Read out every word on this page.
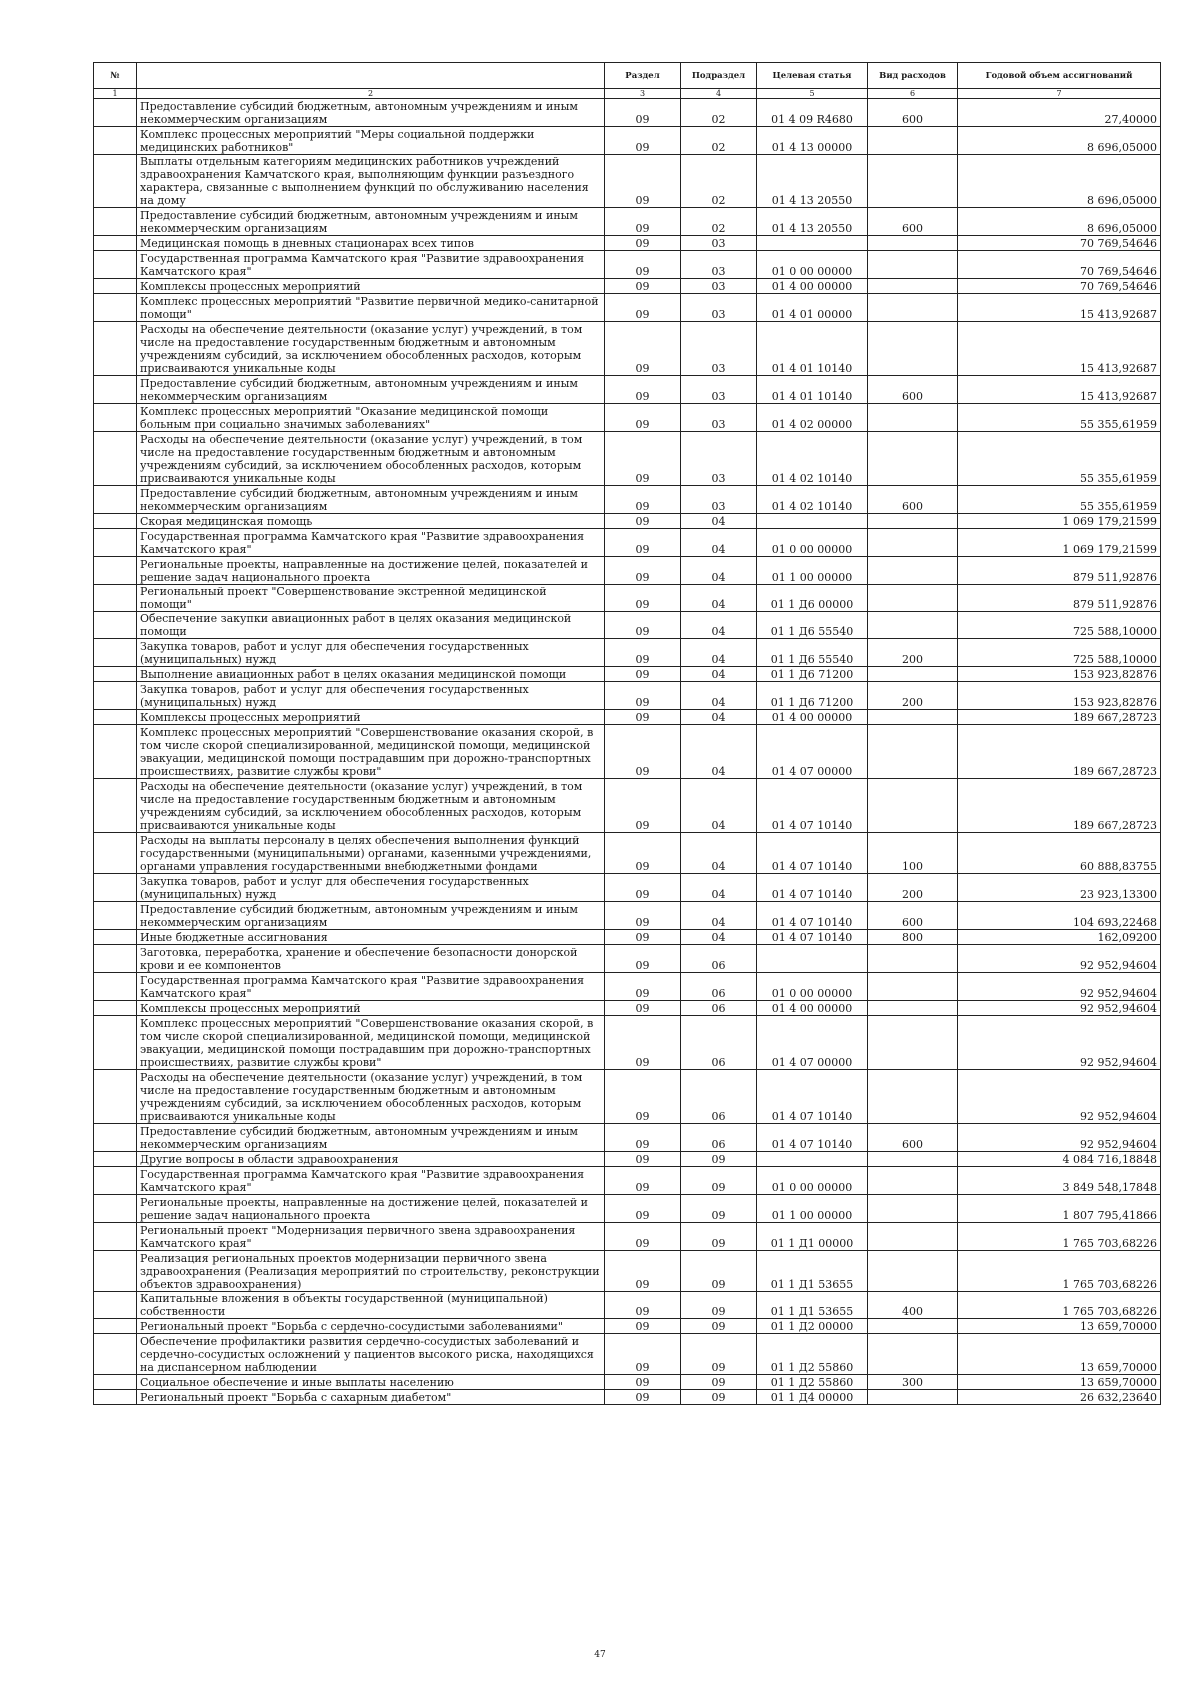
№		Раздел	Подраздел	Целевая статья	Вид расходов	Годовой объем ассигнований
1	2	3	4	5	6	7
	Предоставление субсидий бюджетным, автономным учреждениям и иным некоммерческим организациям	09	02	01 4 09 R4680	600	27,40000
	Комплекс процессных мероприятий "Меры социальной поддержки медицинских работников"	09	02	01 4 13 00000		8 696,05000
	Выплаты отдельным категориям медицинских работников учреждений здравоохранения Камчатского края, выполняющим функции разъездного характера, связанные с выполнением функций по обслуживанию населения на дому	09	02	01 4 13 20550		8 696,05000
	Предоставление субсидий бюджетным, автономным учреждениям и иным некоммерческим организациям	09	02	01 4 13 20550	600	8 696,05000
	Медицинская помощь в дневных стационарах всех типов	09	03			70 769,54646
	Государственная программа Камчатского края "Развитие здравоохранения Камчатского края"	09	03	01 0 00 00000		70 769,54646
	Комплексы процессных мероприятий	09	03	01 4 00 00000		70 769,54646
	Комплекс процессных мероприятий "Развитие первичной медико-санитарной помощи"	09	03	01 4 01 00000		15 413,92687
	Расходы на обеспечение деятельности (оказание услуг) учреждений, в том числе на предоставление государственным бюджетным и автономным учреждениям субсидий, за исключением обособленных расходов, которым присваиваются уникальные коды	09	03	01 4 01 10140		15 413,92687
	Предоставление субсидий бюджетным, автономным учреждениям и иным некоммерческим организациям	09	03	01 4 01 10140	600	15 413,92687
	Комплекс процессных мероприятий "Оказание медицинской помощи больным при социально значимых заболеваниях"	09	03	01 4 02 00000		55 355,61959
	Расходы на обеспечение деятельности (оказание услуг) учреждений, в том числе на предоставление государственным бюджетным и автономным учреждениям субсидий, за исключением обособленных расходов, которым присваиваются уникальные коды	09	03	01 4 02 10140		55 355,61959
	Предоставление субсидий бюджетным, автономным учреждениям и иным некоммерческим организациям	09	03	01 4 02 10140	600	55 355,61959
	Скорая медицинская помощь	09	04			1 069 179,21599
	Государственная программа Камчатского края "Развитие здравоохранения Камчатского края"	09	04	01 0 00 00000		1 069 179,21599
	Региональные проекты, направленные на достижение целей, показателей и решение задач национального проекта	09	04	01 1 00 00000		879 511,92876
	Региональный проект "Совершенствование экстренной медицинской помощи"	09	04	01 1 Д6 00000		879 511,92876
	Обеспечение закупки авиационных работ в целях оказания медицинской помощи	09	04	01 1 Д6 55540		725 588,10000
	Закупка товаров, работ и услуг для обеспечения государственных (муниципальных) нужд	09	04	01 1 Д6 55540	200	725 588,10000
	Выполнение авиационных работ в целях оказания медицинской помощи	09	04	01 1 Д6 71200		153 923,82876
	Закупка товаров, работ и услуг для обеспечения государственных (муниципальных) нужд	09	04	01 1 Д6 71200	200	153 923,82876
	Комплексы процессных мероприятий	09	04	01 4 00 00000		189 667,28723
	Комплекс процессных мероприятий "Совершенствование оказания скорой, в том числе скорой специализированной, медицинской помощи, медицинской эвакуации, медицинской помощи пострадавшим при дорожно-транспортных происшествиях, развитие службы крови"	09	04	01 4 07 00000		189 667,28723
	Расходы на обеспечение деятельности (оказание услуг) учреждений, в том числе на предоставление государственным бюджетным и автономным учреждениям субсидий, за исключением обособленных расходов, которым присваиваются уникальные коды	09	04	01 4 07 10140		189 667,28723
	Расходы на выплаты персоналу в целях обеспечения выполнения функций государственными (муниципальными) органами, казенными учреждениями, органами управления государственными внебюджетными фондами	09	04	01 4 07 10140	100	60 888,83755
	Закупка товаров, работ и услуг для обеспечения государственных (муниципальных) нужд	09	04	01 4 07 10140	200	23 923,13300
	Предоставление субсидий бюджетным, автономным учреждениям и иным некоммерческим организациям	09	04	01 4 07 10140	600	104 693,22468
	Иные бюджетные ассигнования	09	04	01 4 07 10140	800	162,09200
	Заготовка, переработка, хранение и обеспечение безопасности донорской крови и ее компонентов	09	06			92 952,94604
	Государственная программа Камчатского края "Развитие здравоохранения Камчатского края"	09	06	01 0 00 00000		92 952,94604
	Комплексы процессных мероприятий	09	06	01 4 00 00000		92 952,94604
	Комплекс процессных мероприятий "Совершенствование оказания скорой, в том числе скорой специализированной, медицинской помощи, медицинской эвакуации, медицинской помощи пострадавшим при дорожно-транспортных происшествиях, развитие службы крови"	09	06	01 4 07 00000		92 952,94604
	Расходы на обеспечение деятельности (оказание услуг) учреждений, в том числе на предоставление государственным бюджетным и автономным учреждениям субсидий, за исключением обособленных расходов, которым присваиваются уникальные коды	09	06	01 4 07 10140		92 952,94604
	Предоставление субсидий бюджетным, автономным учреждениям и иным некоммерческим организациям	09	06	01 4 07 10140	600	92 952,94604
	Другие вопросы в области здравоохранения	09	09			4 084 716,18848
	Государственная программа Камчатского края "Развитие здравоохранения Камчатского края"	09	09	01 0 00 00000		3 849 548,17848
	Региональные проекты, направленные на достижение целей, показателей и решение задач национального проекта	09	09	01 1 00 00000		1 807 795,41866
	Региональный проект "Модернизация первичного звена здравоохранения Камчатского края"	09	09	01 1 Д1 00000		1 765 703,68226
	Реализация региональных проектов модернизации первичного звена здравоохранения (Реализация мероприятий по строительству, реконструкции объектов здравоохранения)	09	09	01 1 Д1 53655		1 765 703,68226
	Капитальные вложения в объекты государственной (муниципальной) собственности	09	09	01 1 Д1 53655	400	1 765 703,68226
	Региональный проект "Борьба с сердечно-сосудистыми заболеваниями"	09	09	01 1 Д2 00000		13 659,70000
	Обеспечение профилактики развития сердечно-сосудистых заболеваний и сердечно-сосудистых осложнений у пациентов высокого риска, находящихся на диспансерном наблюдении	09	09	01 1 Д2 55860		13 659,70000
	Социальное обеспечение и иные выплаты населению	09	09	01 1 Д2 55860	300	13 659,70000
	Региональный проект "Борьба с сахарным диабетом"	09	09	01 1 Д4 00000		26 632,23640
47
